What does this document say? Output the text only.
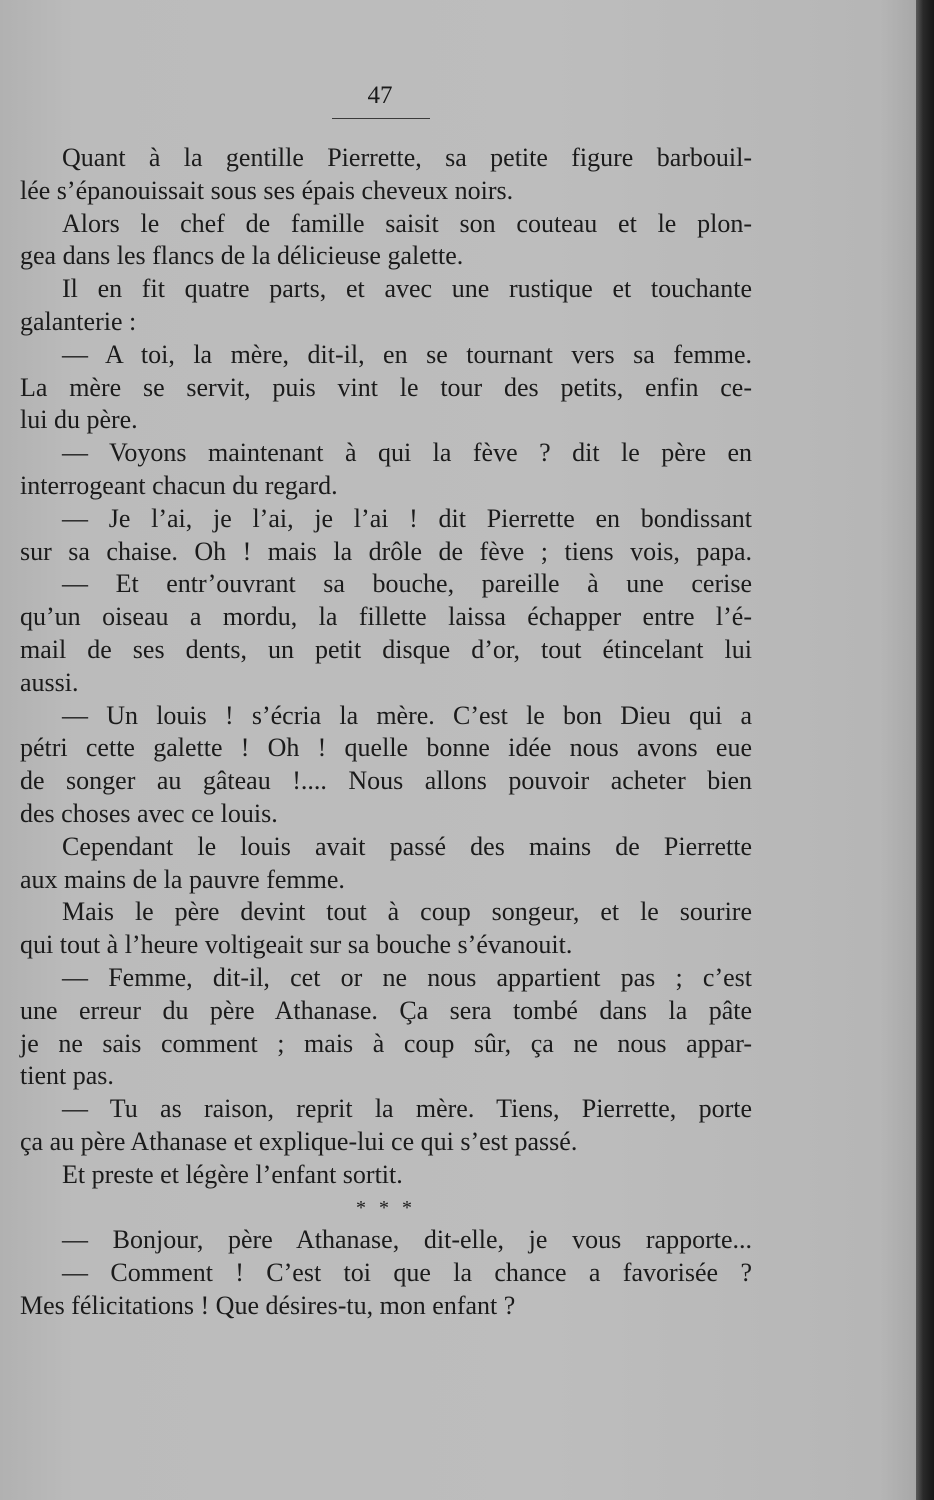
47
Quant à la gentille Pierrette, sa petite figure barbouil-
lée s’épanouissait sous ses épais cheveux noirs.
Alors le chef de famille saisit son couteau et le plon-
gea dans les flancs de la délicieuse galette.
Il en fit quatre parts, et avec une rustique et touchante
galanterie :
— A toi, la mère, dit-il, en se tournant vers sa femme.
La mère se servit, puis vint le tour des petits, enfin ce-
lui du père.
— Voyons maintenant à qui la fève ? dit le père en
interrogeant chacun du regard.
— Je l’ai, je l’ai, je l’ai ! dit Pierrette en bondissant
sur sa chaise. Oh ! mais la drôle de fève ; tiens vois, papa.
— Et entr’ouvrant sa bouche, pareille à une cerise
qu’un oiseau a mordu, la fillette laissa échapper entre l’é-
mail de ses dents, un petit disque d’or, tout étincelant lui
aussi.
— Un louis ! s’écria la mère. C’est le bon Dieu qui a
pétri cette galette ! Oh ! quelle bonne idée nous avons eue
de songer au gâteau !.... Nous allons pouvoir acheter bien
des choses avec ce louis.
Cependant le louis avait passé des mains de Pierrette
aux mains de la pauvre femme.
Mais le père devint tout à coup songeur, et le sourire
qui tout à l’heure voltigeait sur sa bouche s’évanouit.
— Femme, dit-il, cet or ne nous appartient pas ; c’est
une erreur du père Athanase. Ça sera tombé dans la pâte
je ne sais comment ; mais à coup sûr, ça ne nous appar-
tient pas.
— Tu as raison, reprit la mère. Tiens, Pierrette, porte
ça au père Athanase et explique-lui ce qui s’est passé.
Et preste et légère l’enfant sortit.
* * *
— Bonjour, père Athanase, dit-elle, je vous rapporte...
— Comment ! C’est toi que la chance a favorisée ?
Mes félicitations ! Que désires-tu, mon enfant ?
